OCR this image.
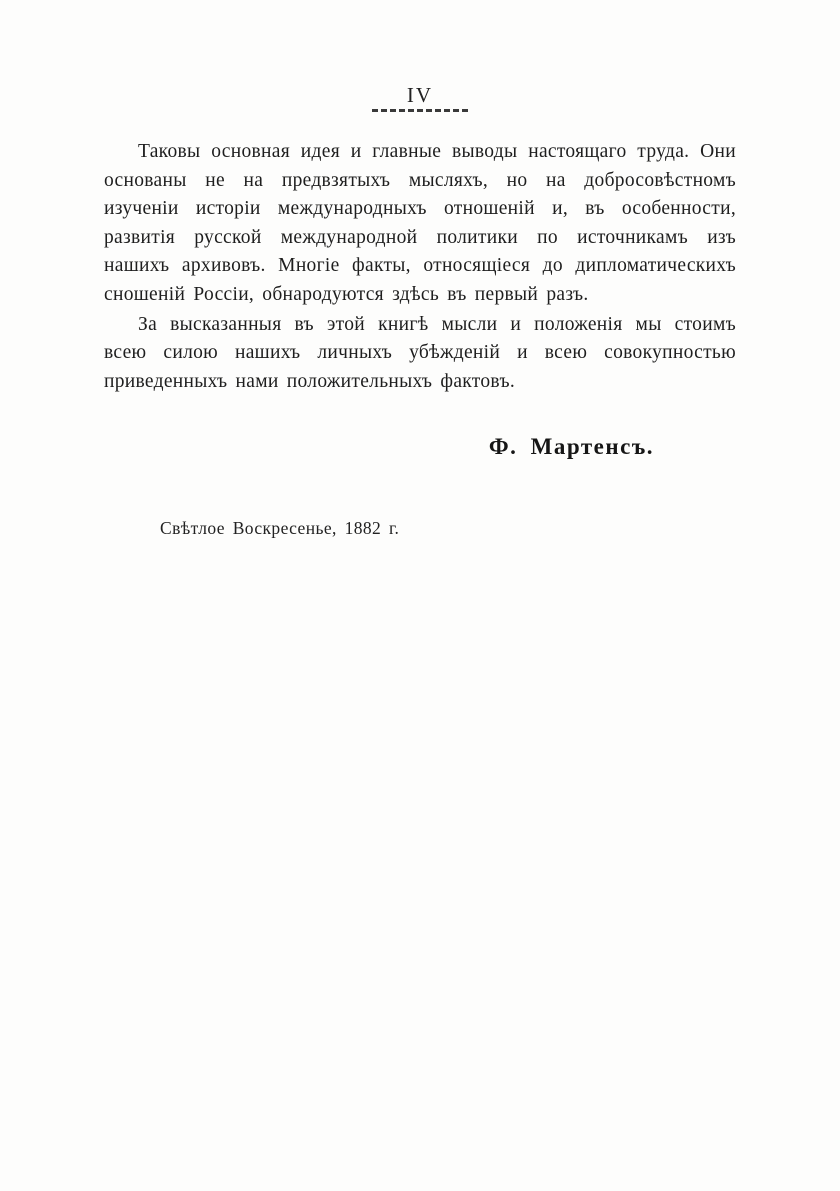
IV

Таковы основная идея и главные выводы настоящаго труда. Они основаны не на предвзятыхъ мысляхъ, но на добросовѣстномъ изученіи исторіи международныхъ отношеній и, въ особенности, развитія русской международной политики по источникамъ изъ нашихъ архивовъ. Многіе факты, относящіеся до дипломатическихъ сношеній Россіи, обнародуются здѣсь въ первый разъ.

За высказанныя въ этой книгѣ мысли и положенія мы стоимъ всею силою нашихъ личныхъ убѣжденій и всею совокупностью приведенныхъ нами положительныхъ фактовъ.

Ф. Мартенсъ.
Свѣтлое Воскресенье, 1882 г.
